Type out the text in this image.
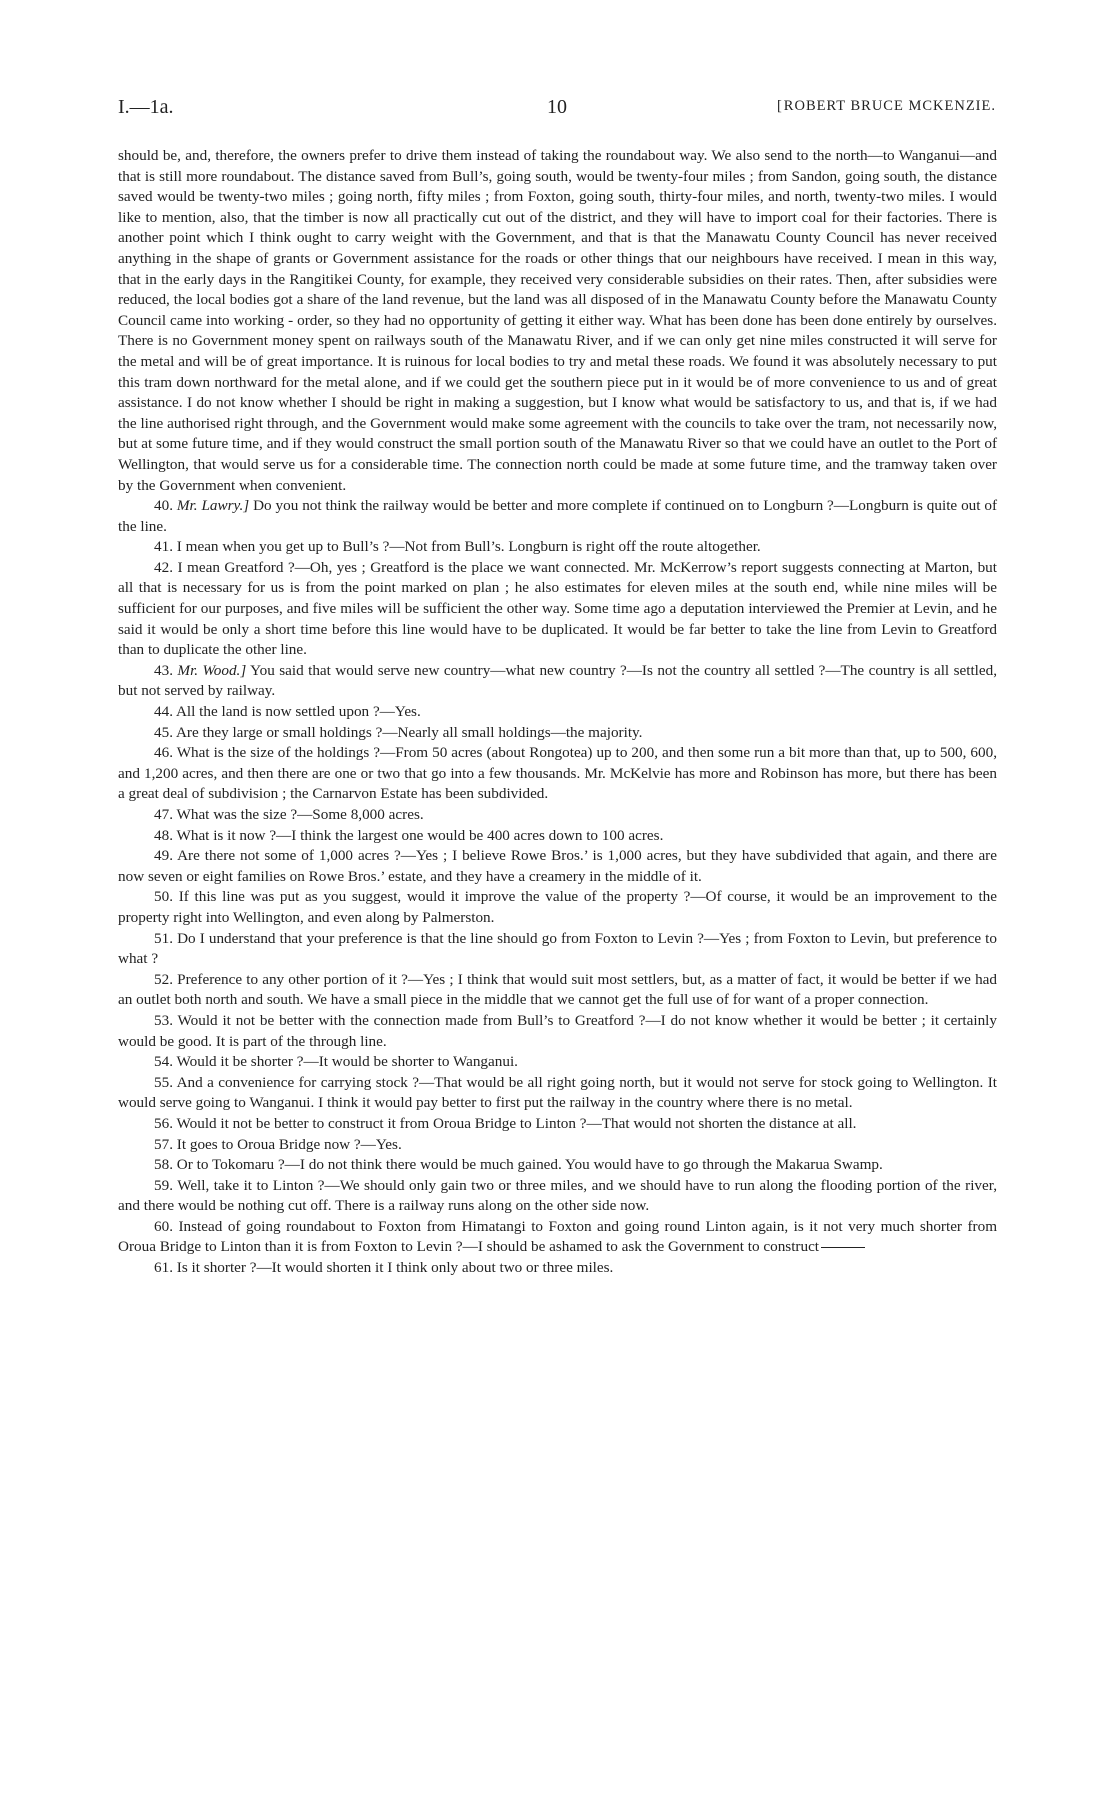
I.—1a.	10
[	ROBERT BRUCE MCKENZIE.

should be, and, therefore, the owners prefer to drive them instead of taking the roundabout way. We also send to the north—to Wanganui—and that is still more roundabout. The distance saved from Bull’s, going south, would be twenty-four miles ; from Sandon, going south, the distance saved would be twenty-two miles ; going north, fifty miles ; from Foxton, going south, thirty-four miles, and north, twenty-two miles. I would like to mention, also, that the timber is now all practically cut out of the district, and they will have to import coal for their factories. There is another point which I think ought to carry weight with the Government, and that is that the Manawatu County Council has never received anything in the shape of grants or Government assistance for the roads or other things that our neighbours have received. I mean in this way, that in the early days in the Rangitikei County, for example, they received very considerable subsidies on their rates. Then, after subsidies were reduced, the local bodies got a share of the land revenue, but the land was all disposed of in the Manawatu County before the Manawatu County Council came into working - order, so they had no opportunity of getting it either way. What has been done has been done entirely by ourselves. There is no Government money spent on railways south of the Manawatu River, and if we can only get nine miles constructed it will serve for the metal and will be of great importance. It is ruinous for local bodies to try and metal these roads. We found it was absolutely necessary to put this tram down northward for the metal alone, and if we could get the southern piece put in it would be of more convenience to us and of great assistance. I do not know whether I should be right in making a suggestion, but I know what would be satisfactory to us, and that is, if we had the line authorised right through, and the Government would make some agreement with the councils to take over the tram, not necessarily now, but at some future time, and if they would construct the small portion south of the Manawatu River so that we could have an outlet to the Port of Wellington, that would serve us for a considerable time. The connection north could be made at some future time, and the tramway taken over by the Government when convenient.

40. Mr. Lawry.] Do you not think the railway would be better and more complete if continued on to Longburn ?—Longburn is quite out of the line.

41. I mean when you get up to Bull’s ?—Not from Bull’s. Longburn is right off the route altogether.

42. I mean Greatford ?—Oh, yes ; Greatford is the place we want connected. Mr. McKerrow’s report suggests connecting at Marton, but all that is necessary for us is from the point marked on plan ; he also estimates for eleven miles at the south end, while nine miles will be sufficient for our purposes, and five miles will be sufficient the other way. Some time ago a deputation interviewed the Premier at Levin, and he said it would be only a short time before this line would have to be duplicated. It would be far better to take the line from Levin to Greatford than to duplicate the other line.

43. Mr. Wood.] You said that would serve new country—what new country ?—Is not the country all settled ?—The country is all settled, but not served by railway.

44. All the land is now settled upon ?—Yes.

45. Are they large or small holdings ?—Nearly all small holdings—the majority.

46. What is the size of the holdings ?—From 50 acres (about Rongotea) up to 200, and then some run a bit more than that, up to 500, 600, and 1,200 acres, and then there are one or two that go into a few thousands. Mr. McKelvie has more and Robinson has more, but there has been a great deal of subdivision ; the Carnarvon Estate has been subdivided.

47. What was the size ?—Some 8,000 acres.

48. What is it now ?—I think the largest one would be 400 acres down to 100 acres.

49. Are there not some of 1,000 acres ?—Yes ; I believe Rowe Bros.’ is 1,000 acres, but they have subdivided that again, and there are now seven or eight families on Rowe Bros.’ estate, and they have a creamery in the middle of it.

50. If this line was put as you suggest, would it improve the value of the property ?—Of course, it would be an improvement to the property right into Wellington, and even along by Palmerston.

51. Do I understand that your preference is that the line should go from Foxton to Levin ?—Yes ; from Foxton to Levin, but preference to what ?

52. Preference to any other portion of it ?—Yes ; I think that would suit most settlers, but, as a matter of fact, it would be better if we had an outlet both north and south. We have a small piece in the middle that we cannot get the full use of for want of a proper connection.

53. Would it not be better with the connection made from Bull’s to Greatford ?—I do not know whether it would be better ; it certainly would be good. It is part of the through line.

54. Would it be shorter ?—It would be shorter to Wanganui.

55. And a convenience for carrying stock ?—That would be all right going north, but it would not serve for stock going to Wellington. It would serve going to Wanganui. I think it would pay better to first put the railway in the country where there is no metal.

56. Would it not be better to construct it from Oroua Bridge to Linton ?—That would not shorten the distance at all.

57. It goes to Oroua Bridge now ?—Yes.

58. Or to Tokomaru ?—I do not think there would be much gained. You would have to go through the Makarua Swamp.

59. Well, take it to Linton ?—We should only gain two or three miles, and we should have to run along the flooding portion of the river, and there would be nothing cut off. There is a railway runs along on the other side now.

60. Instead of going roundabout to Foxton from Himatangi to Foxton and going round Linton again, is it not very much shorter from Oroua Bridge to Linton than it is from Foxton to Levin ?—I should be ashamed to ask the Government to construct

61. Is it shorter ?—It would shorten it I think only about two or three miles.
